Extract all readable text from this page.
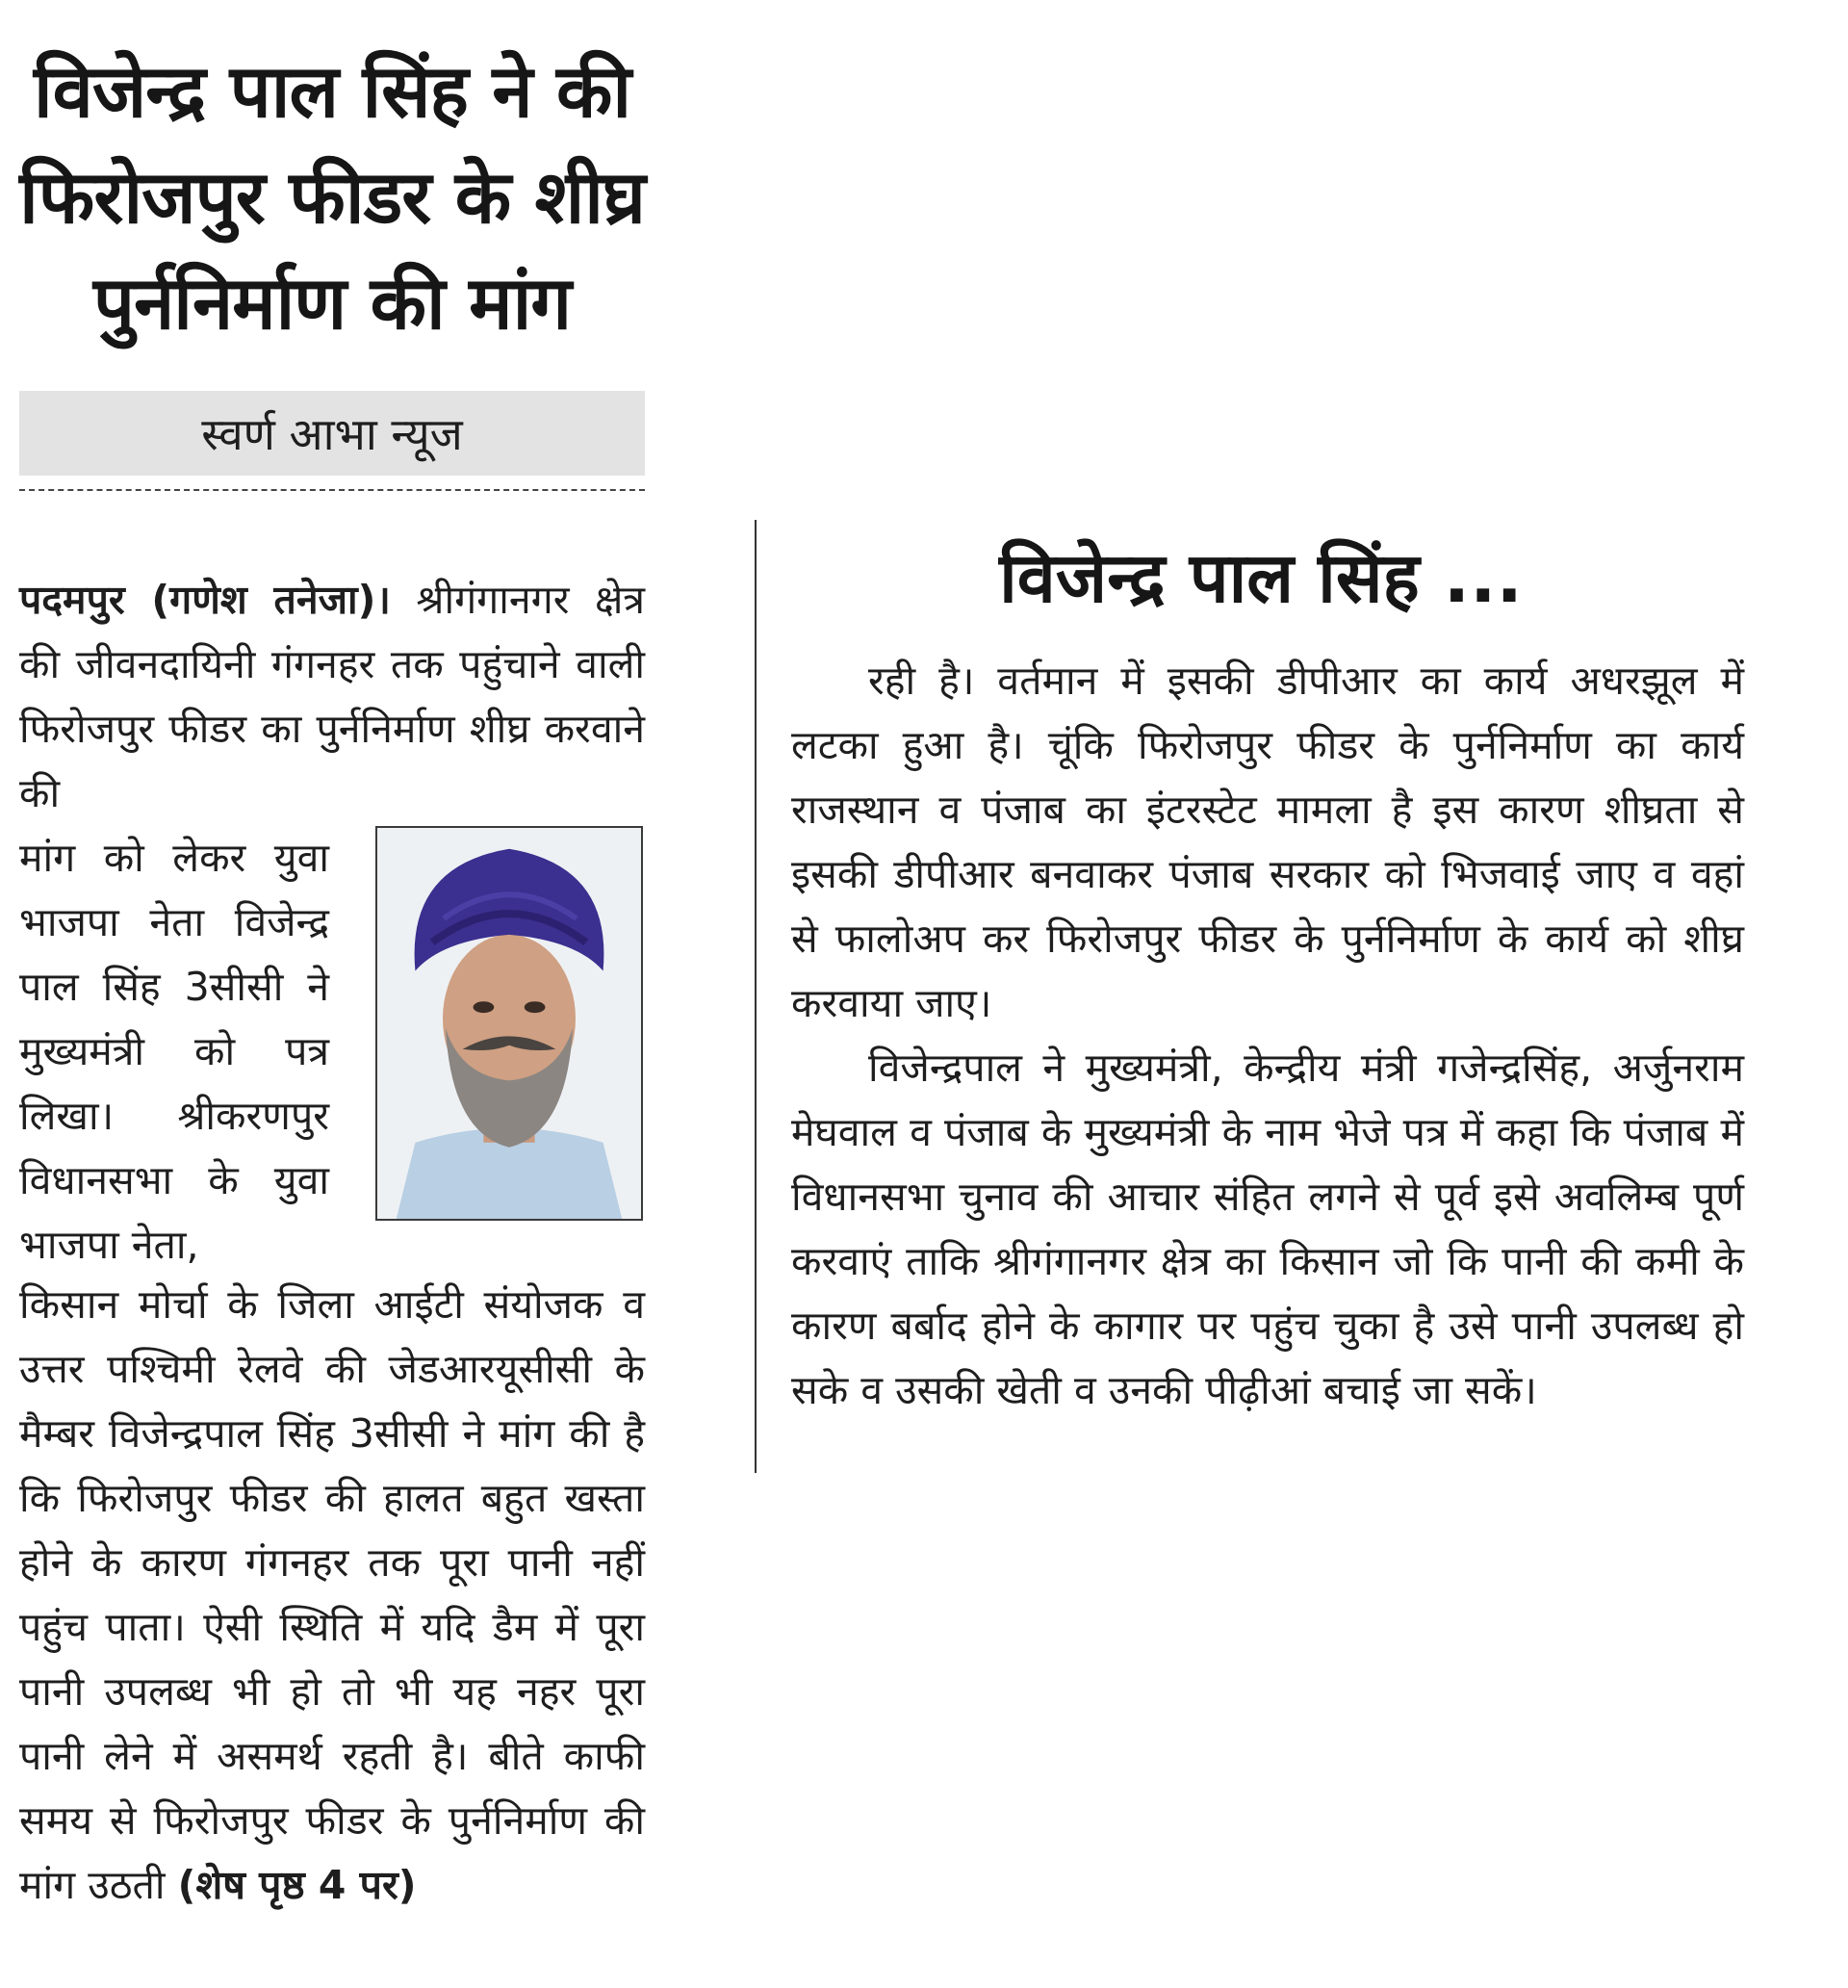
विजेन्द्र पाल सिंह ने की फिरोजपुर फीडर के शीघ्र पुर्ननिर्माण की मांग
स्वर्ण आभा न्यूज

पदमपुर (गणेश तनेजा)। श्रीगंगानगर क्षेत्र की जीवनदायिनी गंगनहर तक पहुंचाने वाली फिरोजपुर फीडर का पुर्ननिर्माण शीघ्र करवाने की

मांग को लेकर युवा भाजपा नेता विजेन्द्र पाल सिंह 3सीसी ने मुख्यमंत्री को पत्र लिखा। श्रीकरणपुर विधानसभा के युवा भाजपा नेता,

किसान मोर्चा के जिला आईटी संयोजक व उत्तर पश्चिमी रेलवे की जेडआरयूसीसी के मैम्बर विजेन्द्रपाल सिंह 3सीसी ने मांग की है कि फिरोजपुर फीडर की हालत बहुत खस्ता होने के कारण गंगनहर तक पूरा पानी नहीं पहुंच पाता। ऐसी स्थिति में यदि डैम में पूरा पानी उपलब्ध भी हो तो भी यह नहर पूरा पानी लेने में असमर्थ रहती है। बीते काफी समय से फिरोजपुर फीडर के पुर्ननिर्माण की मांग उठती (शेष पृष्ठ 4 पर)

विजेन्द्र पाल सिंह ...

रही है। वर्तमान में इसकी डीपीआर का कार्य अधरझूल में लटका हुआ है। चूंकि फिरोजपुर फीडर के पुर्ननिर्माण का कार्य राजस्थान व पंजाब का इंटरस्टेट मामला है इस कारण शीघ्रता से इसकी डीपीआर बनवाकर पंजाब सरकार को भिजवाई जाए व वहां से फालोअप कर फिरोजपुर फीडर के पुर्ननिर्माण के कार्य को शीघ्र करवाया जाए।

विजेन्द्रपाल ने मुख्यमंत्री, केन्द्रीय मंत्री गजेन्द्रसिंह, अर्जुनराम मेघवाल व पंजाब के मुख्यमंत्री के नाम भेजे पत्र में कहा कि पंजाब में विधानसभा चुनाव की आचार संहित लगने से पूर्व इसे अवलिम्ब पूर्ण करवाएं ताकि श्रीगंगानगर क्षेत्र का किसान जो कि पानी की कमी के कारण बर्बाद होने के कागार पर पहुंच चुका है उसे पानी उपलब्ध हो सके व उसकी खेती व उनकी पीढ़ीआं बचाई जा सकें।
